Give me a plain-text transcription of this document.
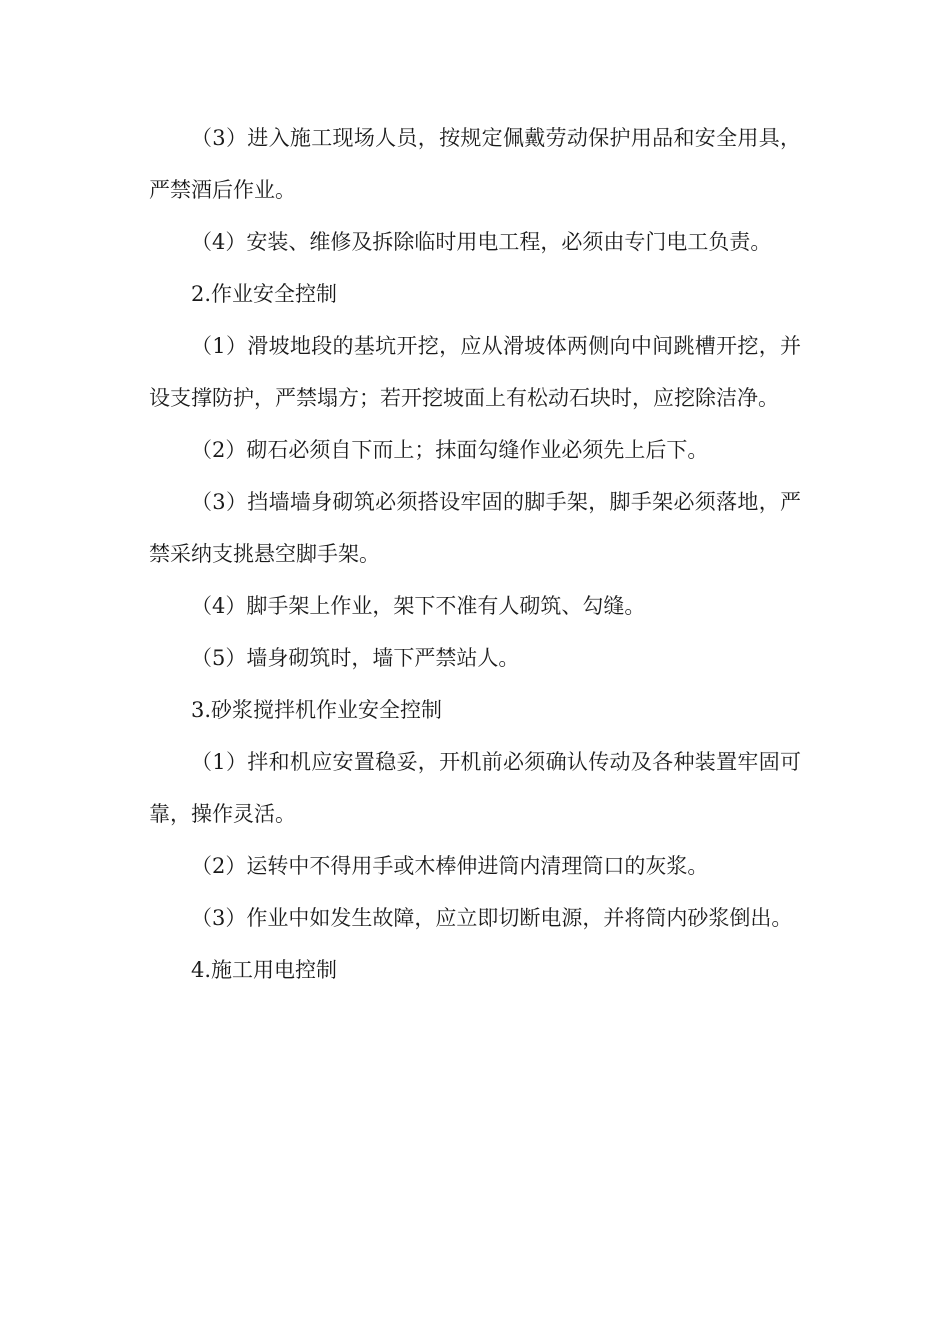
（3）进入施工现场人员，按规定佩戴劳动保护用品和安全用具，严禁酒后作业。

（4）安装、维修及拆除临时用电工程，必须由专门电工负责。

2.作业安全控制

（1）滑坡地段的基坑开挖，应从滑坡体两侧向中间跳槽开挖，并设支撑防护，严禁塌方；若开挖坡面上有松动石块时，应挖除洁净。

（2）砌石必须自下而上；抹面勾缝作业必须先上后下。

（3）挡墙墙身砌筑必须搭设牢固的脚手架，脚手架必须落地，严禁采纳支挑悬空脚手架。

（4）脚手架上作业，架下不准有人砌筑、勾缝。

（5）墙身砌筑时，墙下严禁站人。

3.砂浆搅拌机作业安全控制

（1）拌和机应安置稳妥，开机前必须确认传动及各种装置牢固可靠，操作灵活。

（2）运转中不得用手或木棒伸进筒内清理筒口的灰浆。

（3）作业中如发生故障，应立即切断电源，并将筒内砂浆倒出。

4.施工用电控制
